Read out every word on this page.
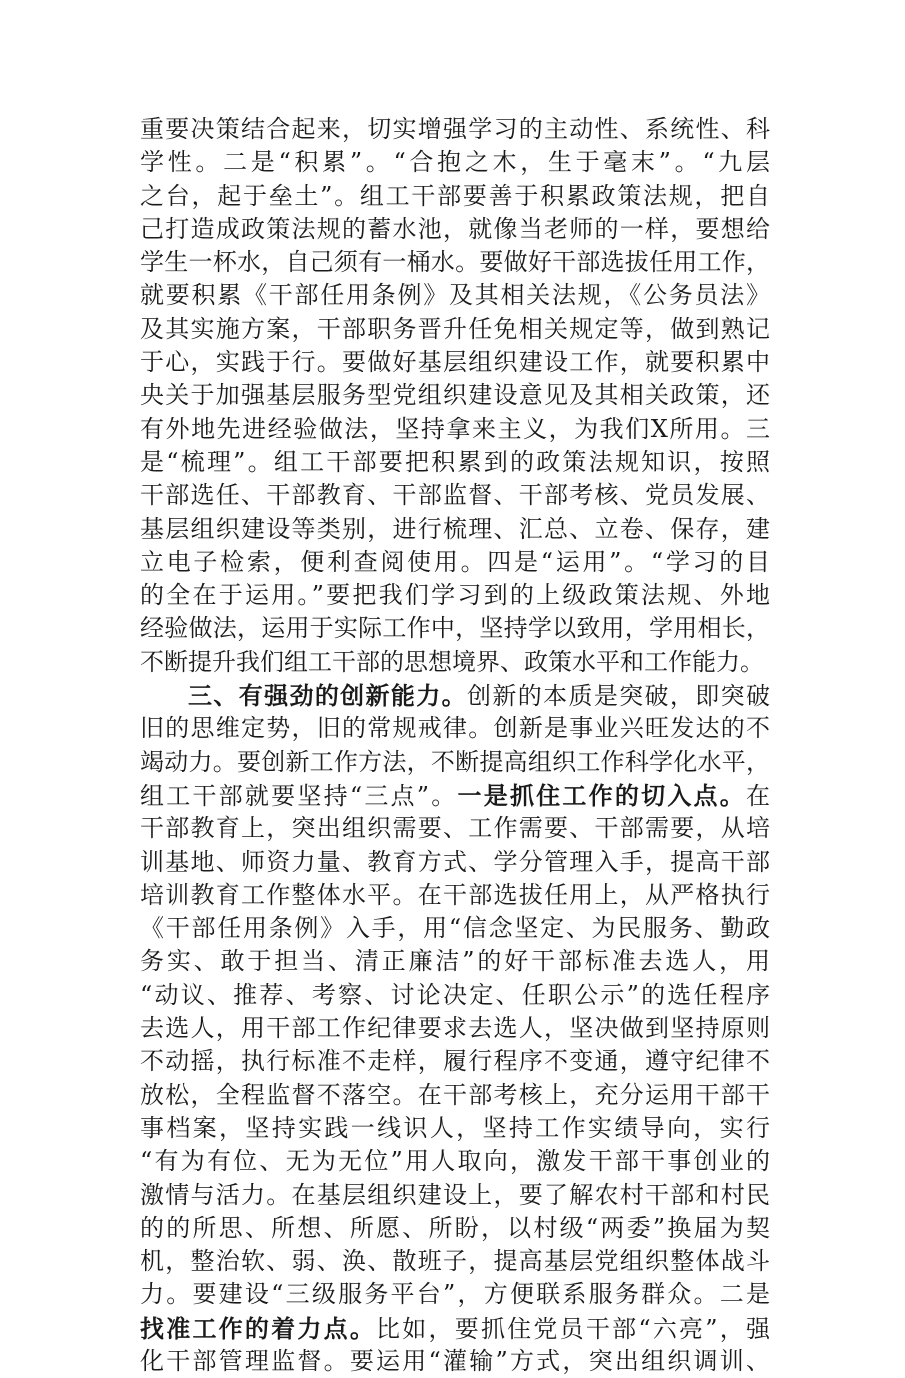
重要决策结合起来，切实增强学习的主动性、系统性、科
学性。二是“积累”。“合抱之木，生于毫末”。“九层
之台，起于垒土”。组工干部要善于积累政策法规，把自
己打造成政策法规的蓄水池，就像当老师的一样，要想给
学生一杯水，自己须有一桶水。要做好干部选拔任用工作，
就要积累《干部任用条例》及其相关法规，《公务员法》
及其实施方案，干部职务晋升任免相关规定等，做到熟记
于心，实践于行。要做好基层组织建设工作，就要积累中
央关于加强基层服务型党组织建设意见及其相关政策，还
有外地先进经验做法，坚持拿来主义，为我们X所用。三
是“梳理”。组工干部要把积累到的政策法规知识，按照
干部选任、干部教育、干部监督、干部考核、党员发展、
基层组织建设等类别，进行梳理、汇总、立卷、保存，建
立电子检索，便利查阅使用。四是“运用”。“学习的目
的全在于运用。”要把我们学习到的上级政策法规、外地
经验做法，运用于实际工作中，坚持学以致用，学用相长，
不断提升我们组工干部的思想境界、政策水平和工作能力。
三、有强劲的创新能力。创新的本质是突破，即突破
旧的思维定势，旧的常规戒律。创新是事业兴旺发达的不
竭动力。要创新工作方法，不断提高组织工作科学化水平，
组工干部就要坚持“三点”。一是抓住工作的切入点。在
干部教育上，突出组织需要、工作需要、干部需要，从培
训基地、师资力量、教育方式、学分管理入手，提高干部
培训教育工作整体水平。在干部选拔任用上，从严格执行
《干部任用条例》入手，用“信念坚定、为民服务、勤政
务实、敢于担当、清正廉洁”的好干部标准去选人，用
“动议、推荐、考察、讨论决定、任职公示”的选任程序
去选人，用干部工作纪律要求去选人，坚决做到坚持原则
不动摇，执行标准不走样，履行程序不变通，遵守纪律不
放松，全程监督不落空。在干部考核上，充分运用干部干
事档案，坚持实践一线识人，坚持工作实绩导向，实行
“有为有位、无为无位”用人取向，激发干部干事创业的
激情与活力。在基层组织建设上，要了解农村干部和村民
的的所思、所想、所愿、所盼，以村级“两委”换届为契
机，整治软、弱、涣、散班子，提高基层党组织整体战斗
力。要建设“三级服务平台”，方便联系服务群众。二是
找准工作的着力点。比如，要抓住党员干部“六亮”，强
化干部管理监督。要运用“灌输”方式，突出组织调训、
